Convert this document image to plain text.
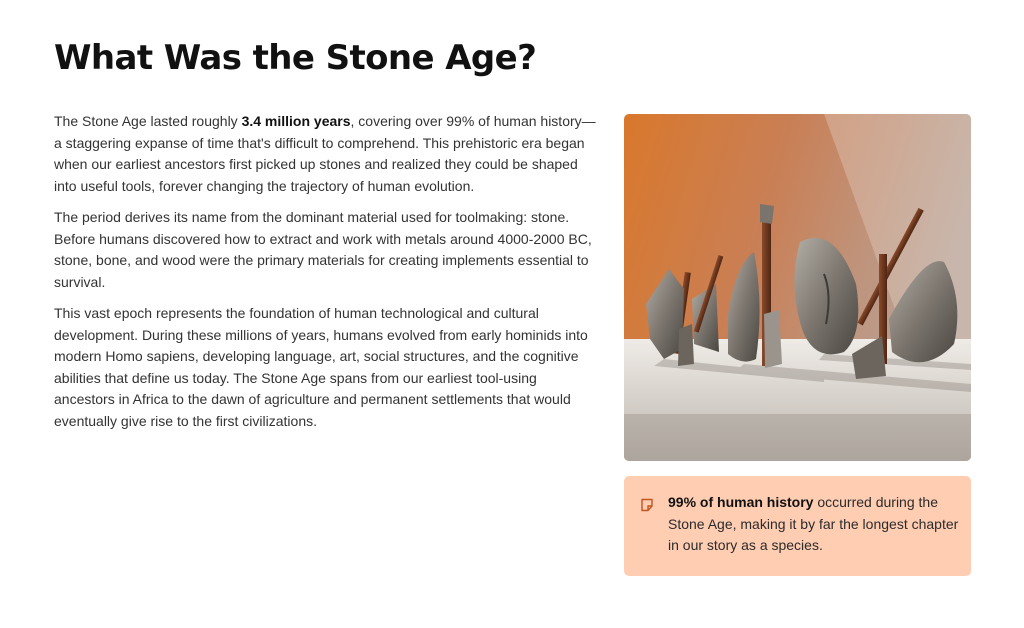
What Was the Stone Age?

The Stone Age lasted roughly 3.4 million years, covering over 99% of human history—a staggering expanse of time that's difficult to comprehend. This prehistoric era began when our earliest ancestors first picked up stones and realized they could be shaped into useful tools, forever changing the trajectory of human evolution.

The period derives its name from the dominant material used for toolmaking: stone. Before humans discovered how to extract and work with metals around 4000-2000 BC, stone, bone, and wood were the primary materials for creating implements essential to survival.

This vast epoch represents the foundation of human technological and cultural development. During these millions of years, humans evolved from early hominids into modern Homo sapiens, developing language, art, social structures, and the cognitive abilities that define us today. The Stone Age spans from our earliest tool-using ancestors in Africa to the dawn of agriculture and permanent settlements that would eventually give rise to the first civilizations.

99% of human history occurred during the Stone Age, making it by far the longest chapter in our story as a species.
